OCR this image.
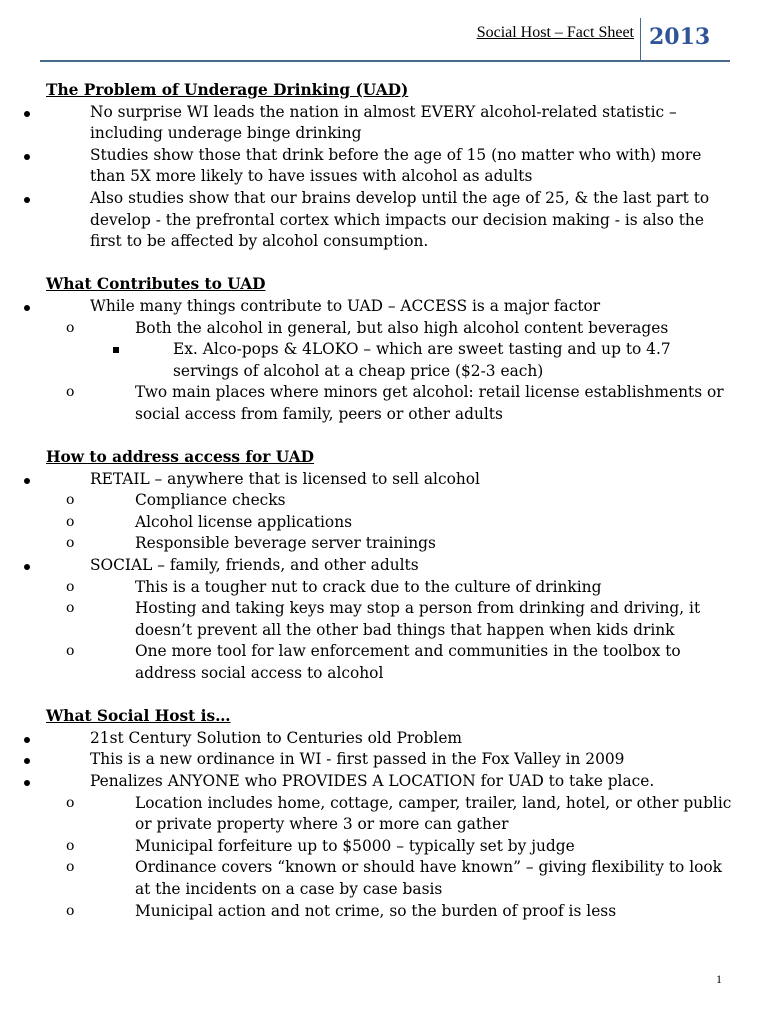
Social Host – Fact Sheet 2013
The Problem of Underage Drinking (UAD)
No surprise WI leads the nation in almost EVERY alcohol-related statistic – including underage binge drinking
Studies show those that drink before the age of 15 (no matter who with) more than 5X more likely to have issues with alcohol as adults
Also studies show that our brains develop until the age of 25, & the last part to develop - the prefrontal cortex which impacts our decision making - is also the first to be affected by alcohol consumption.
What Contributes to UAD
While many things contribute to UAD – ACCESS is a major factor
o	Both the alcohol in general, but also high alcohol content beverages
Ex. Alco-pops & 4LOKO – which are sweet tasting and up to 4.7 servings of alcohol at a cheap price ($2-3 each)
o	Two main places where minors get alcohol: retail license establishments or social access from family, peers or other adults
How to address access for UAD
RETAIL – anywhere that is licensed to sell alcohol
o	Compliance checks
o	Alcohol license applications
o	Responsible beverage server trainings
SOCIAL – family, friends, and other adults
o	This is a tougher nut to crack due to the culture of drinking
o	Hosting and taking keys may stop a person from drinking and driving, it doesn’t prevent all the other bad things that happen when kids drink
o	One more tool for law enforcement and communities in the toolbox to address social access to alcohol
What Social Host is…
21st Century Solution to Centuries old Problem
This is a new ordinance in WI - first passed in the Fox Valley in 2009
Penalizes ANYONE who PROVIDES A LOCATION for UAD to take place.
o	Location includes home, cottage, camper, trailer, land, hotel, or other public or private property where 3 or more can gather
o	Municipal forfeiture up to $5000 – typically set by judge
o	Ordinance covers “known or should have known” – giving flexibility to look at the incidents on a case by case basis
o	Municipal action and not crime, so the burden of proof is less
1
